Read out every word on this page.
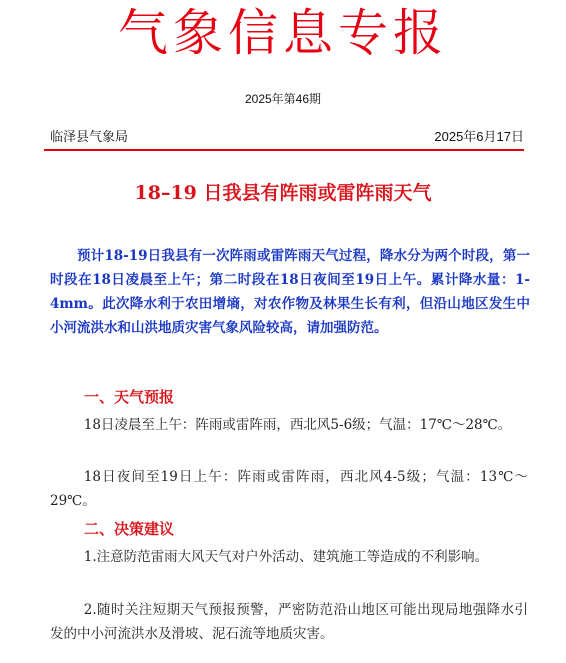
气象信息专报
2025年第46期
临泽县气象局	2025年6月17日
18–19 日我县有阵雨或雷阵雨天气

预计18-19日我县有一次阵雨或雷阵雨天气过程，降水分为两个时段，第一时段在18日凌晨至上午；第二时段在18日夜间至19日上午。累计降水量：1-4mm。此次降水利于农田增墒，对农作物及林果生长有利，但沿山地区发生中小河流洪水和山洪地质灾害气象风险较高，请加强防范。

一、天气预报

18日凌晨至上午：阵雨或雷阵雨，西北风5-6级；气温：17℃～28℃。

18日夜间至19日上午：阵雨或雷阵雨，西北风4-5级；气温：13℃～29℃。

二、决策建议

1.注意防范雷雨大风天气对户外活动、建筑施工等造成的不利影响。

2.随时关注短期天气预报预警，严密防范沿山地区可能出现局地强降水引发的中小河流洪水及滑坡、泥石流等地质灾害。
